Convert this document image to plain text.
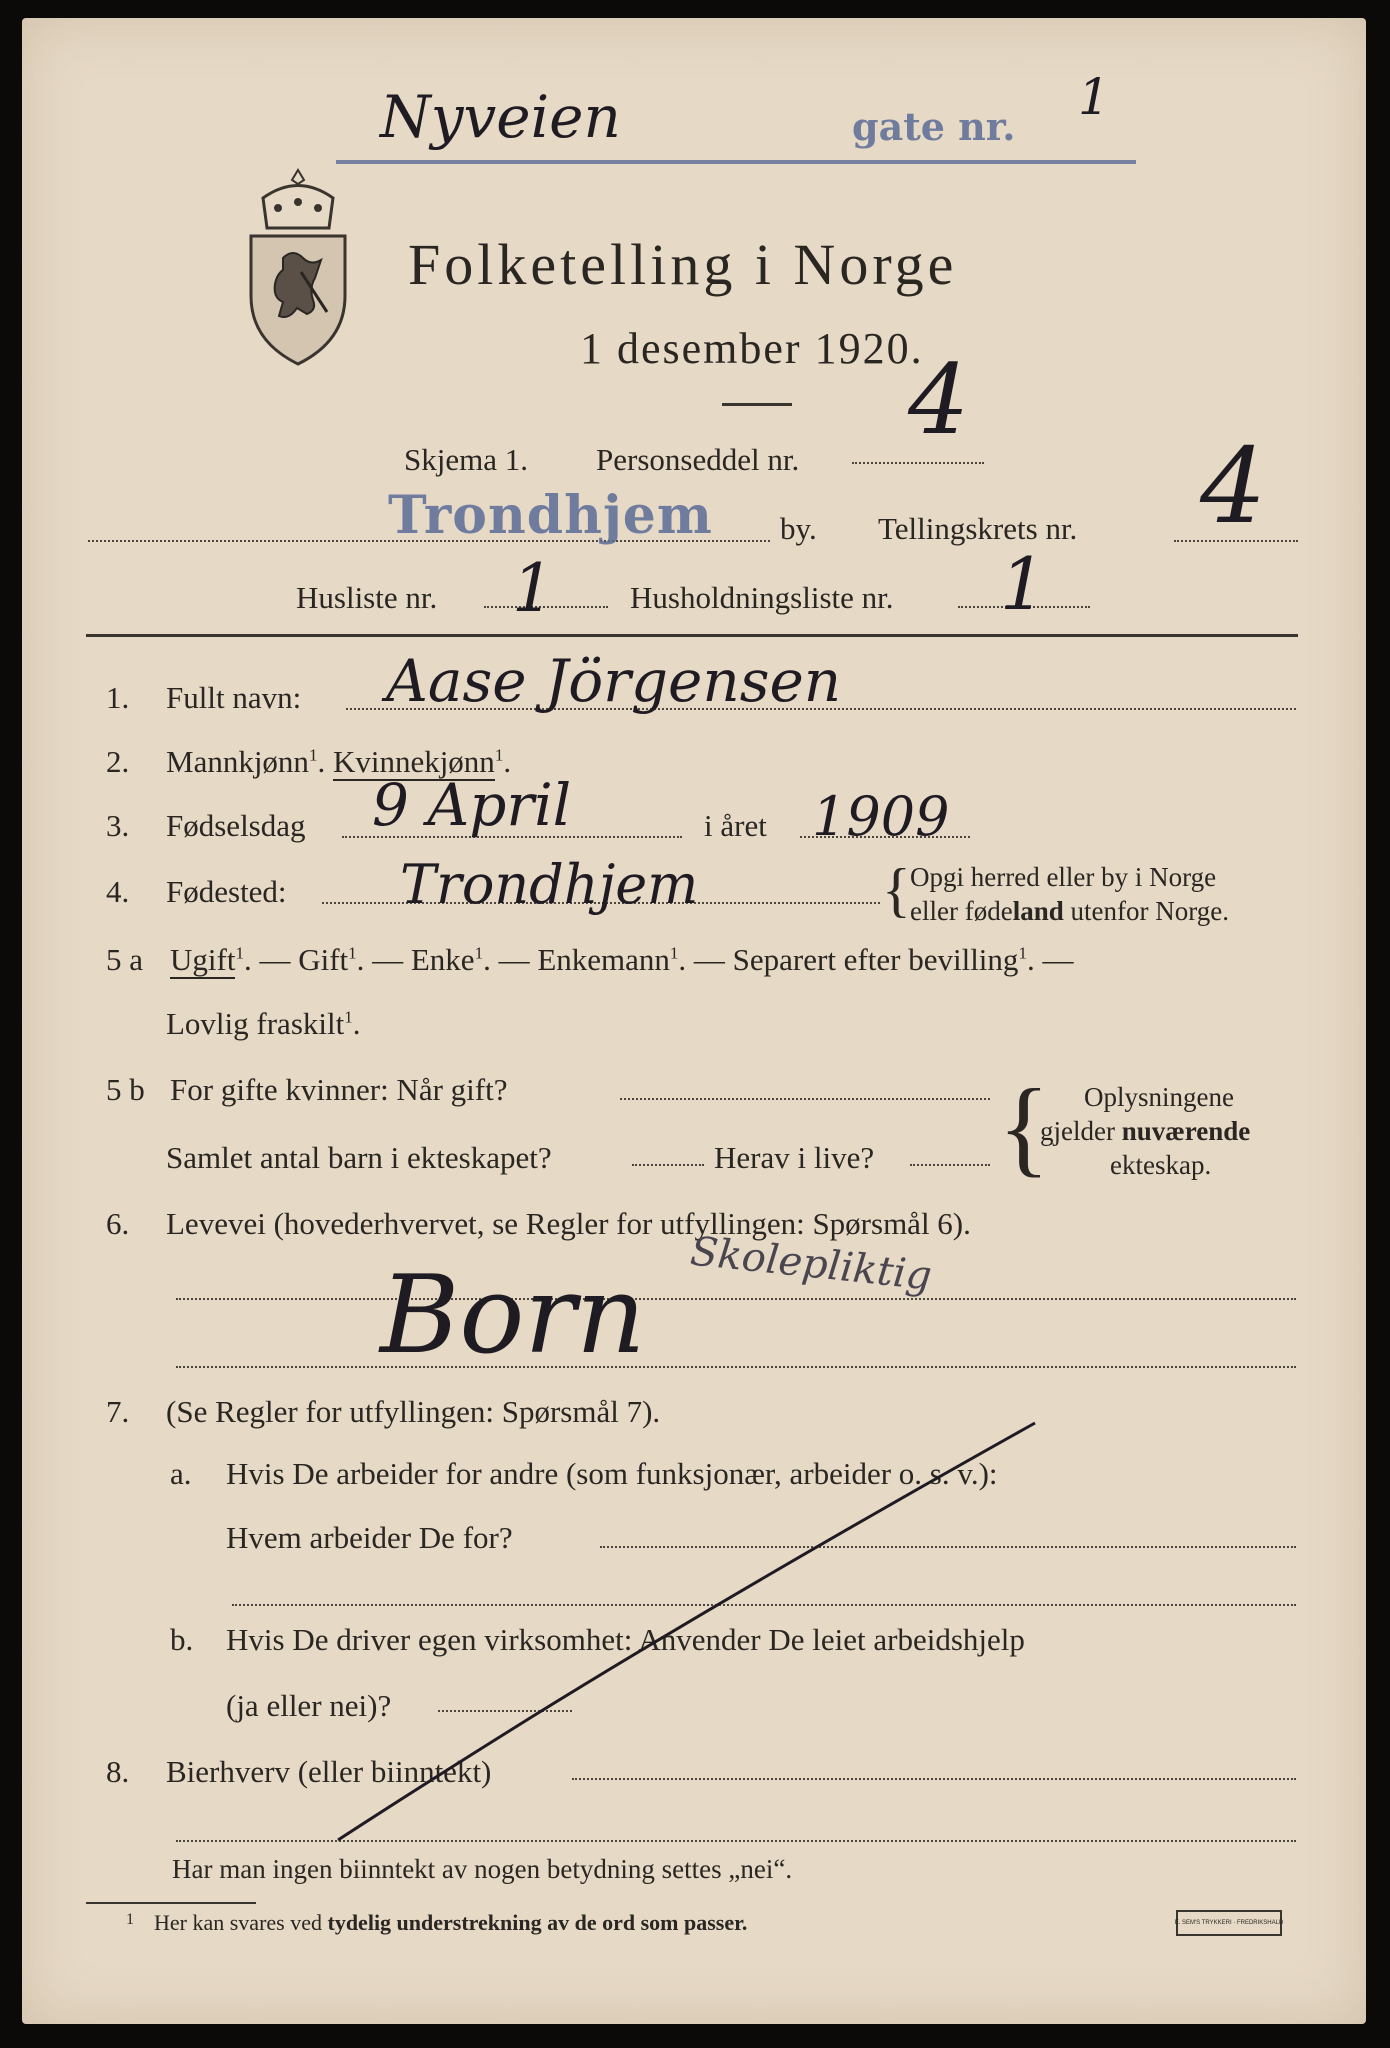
Nyveien	gate nr.
1
Folketelling i Norge
1 desember 1920.
Skjema 1. Personseddel nr.
4
Trondhjem by. Tellingskrets nr. 4
Husliste nr. 1 Husholdningsliste nr. 1
1. Fullt navn: Aase Jörgensen
2. Mannkjønn$^1$. Kvinnekjønn$^1$.
3. Fødselsdag 9 April	i året 1909
4. Fødested: Trondhjem	{ Opgi herred eller by i Norge
eller fødeland utenfor Norge.
5 a Ugift$^1$. — Gift$^1$. — Enke$^1$. — Enkemann$^1$. — Separert efter bevilling$^1$. —
Lovlig fraskilt$^1$.
5 b For gifte kvinner: Når gift?
Samlet antal barn i ekteskapet?	Herav i live? { Oplysningene
gjelder nuværende
ekteskap.
6. Levevei (hovederhvervet, se Regler for utfyllingen: Spørsmål 6).
Born Skolepliktig
7. (Se Regler for utfyllingen: Spørsmål 7).
a. Hvis De arbeider for andre (som funksjonær, arbeider o. s. v.):
Hvem arbeider De for?
b. Hvis De driver egen virksomhet: Anvender De leiet arbeidshjelp
(ja eller nei)?
8. Bierhverv (eller biinntekt)
Har man ingen biinntekt av nogen betydning settes „nei“.
1 Her kan svares ved tydelig understrekning av de ord som passer.	E. SEM'S TRYKKERI · FREDRIKSHALD
